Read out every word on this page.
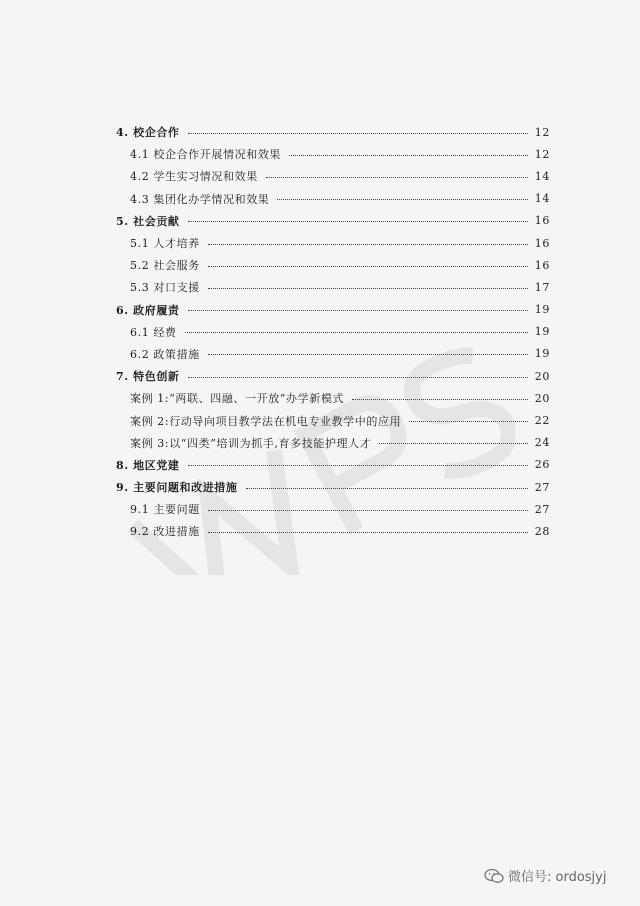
4. 校企合作	12
4.1 校企合作开展情况和效果	12
4.2 学生实习情况和效果	14
4.3 集团化办学情况和效果	14
5. 社会贡献	16
5.1 人才培养	16
5.2 社会服务	16
5.3 对口支援	17
6. 政府履责	19
6.1 经费	19
6.2 政策措施	19
7. 特色创新	20
案例 1:“两联、四融、一开放”办学新模式	20
案例 2:行动导向项目教学法在机电专业教学中的应用	22
案例 3:以“四类”培训为抓手,育多技能护理人才	24
8. 地区党建	26
9. 主要问题和改进措施	27
9.1 主要问题	27
9.2 改进措施	28
微信号: ordosjyj
